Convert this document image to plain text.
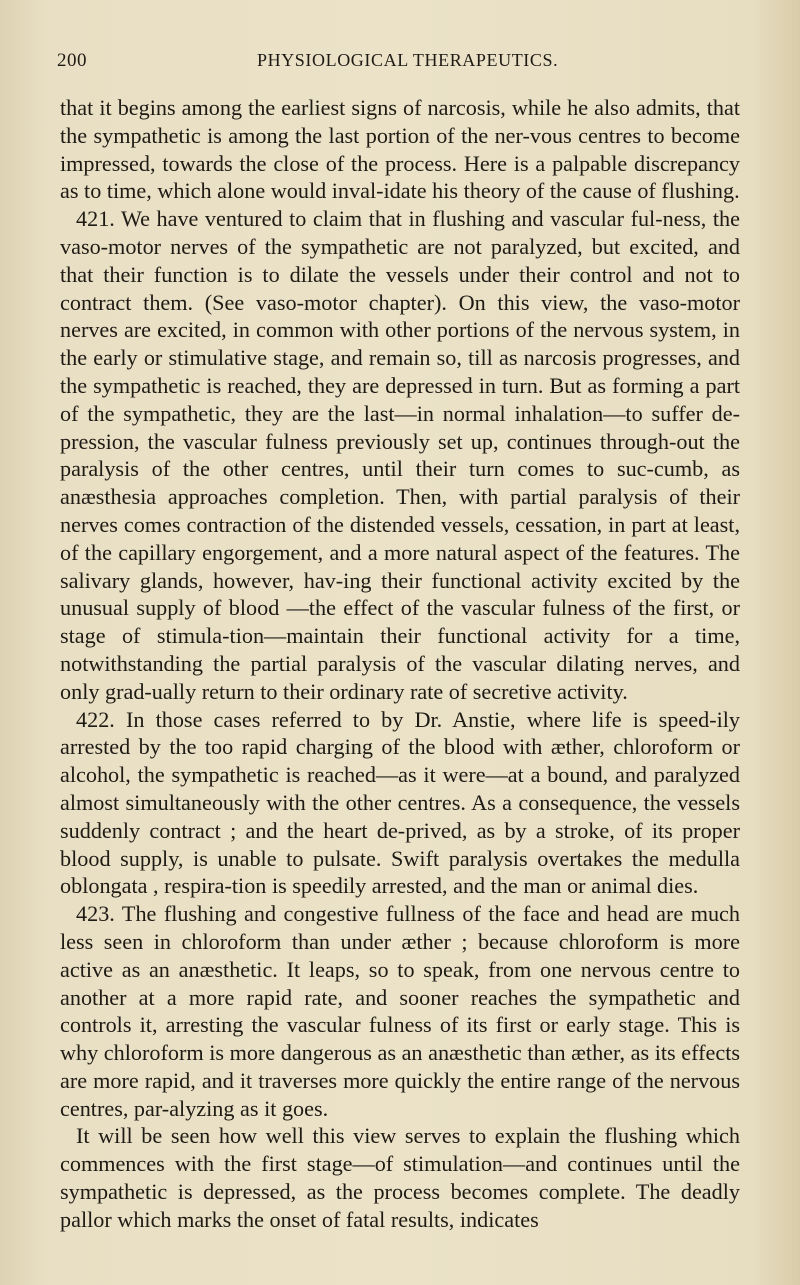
200	PHYSIOLOGICAL THERAPEUTICS.

that it begins among the earliest signs of narcosis, while he also admits, that the sympathetic is among the last portion of the ner-vous centres to become impressed, towards the close of the process. Here is a palpable discrepancy as to time, which alone would inval-idate his theory of the cause of flushing.

421. We have ventured to claim that in flushing and vascular ful-ness, the vaso-motor nerves of the sympathetic are not paralyzed, but excited, and that their function is to dilate the vessels under their control and not to contract them. (See vaso-motor chapter). On this view, the vaso-motor nerves are excited, in common with other portions of the nervous system, in the early or stimulative stage, and remain so, till as narcosis progresses, and the sympathetic is reached, they are depressed in turn. But as forming a part of the sympathetic, they are the last—in normal inhalation—to suffer de-pression, the vascular fulness previously set up, continues through-out the paralysis of the other centres, until their turn comes to suc-cumb, as anæsthesia approaches completion. Then, with partial paralysis of their nerves comes contraction of the distended vessels, cessation, in part at least, of the capillary engorgement, and a more natural aspect of the features. The salivary glands, however, hav-ing their functional activity excited by the unusual supply of blood —the effect of the vascular fulness of the first, or stage of stimula-tion—maintain their functional activity for a time, notwithstanding the partial paralysis of the vascular dilating nerves, and only grad-ually return to their ordinary rate of secretive activity.

422. In those cases referred to by Dr. Anstie, where life is speed-ily arrested by the too rapid charging of the blood with æther, chloroform or alcohol, the sympathetic is reached—as it were—at a bound, and paralyzed almost simultaneously with the other centres. As a consequence, the vessels suddenly contract ; and the heart de-prived, as by a stroke, of its proper blood supply, is unable to pulsate. Swift paralysis overtakes the medulla oblongata , respira-tion is speedily arrested, and the man or animal dies.

423. The flushing and congestive fullness of the face and head are much less seen in chloroform than under æther ; because chloroform is more active as an anæsthetic. It leaps, so to speak, from one nervous centre to another at a more rapid rate, and sooner reaches the sympathetic and controls it, arresting the vascular fulness of its first or early stage. This is why chloroform is more dangerous as an anæsthetic than æther, as its effects are more rapid, and it traverses more quickly the entire range of the nervous centres, par-alyzing as it goes.

It will be seen how well this view serves to explain the flushing which commences with the first stage—of stimulation—and continues until the sympathetic is depressed, as the process becomes complete. The deadly pallor which marks the onset of fatal results, indicates
